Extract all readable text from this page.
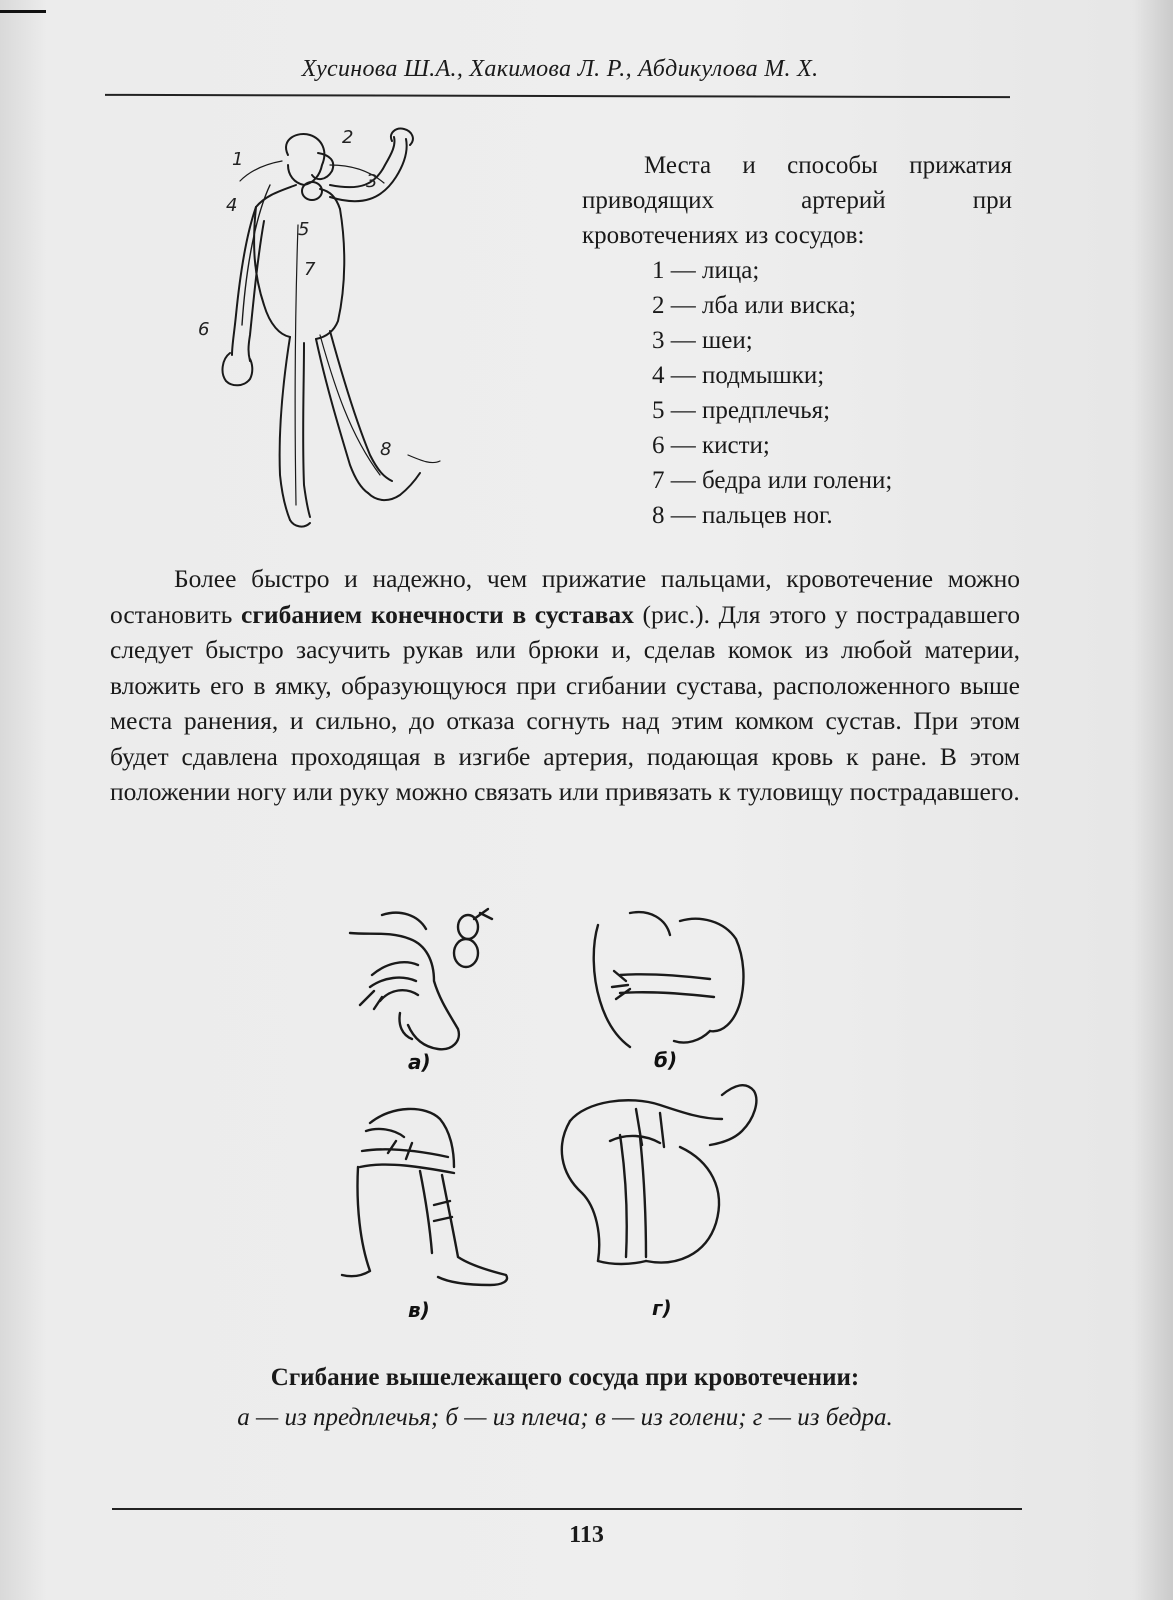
Хусинова Ш.А., Хакимова Л. Р., Абдикулова М. Х.
1
2
3
4
5
6
7
8
Места и способы прижатия
приводящих артерий при
кровотечениях из сосудов:
1 — лица;
2 — лба или виска;
3 — шеи;
4 — подмышки;
5 — предплечья;
6 — кисти;
7 — бедра или голени;
8 — пальцев ног.

Более быстро и надежно, чем прижатие пальцами, кровотечение можно остановить сгибанием конечности в суставах (рис.). Для этого у пострадавшего следует быстро засучить рукав или брюки и, сделав комок из любой материи, вложить его в ямку, образующуюся при сгибании сустава, расположенного выше места ранения, и сильно, до отказа согнуть над этим комком сустав. При этом будет сдавлена проходящая в изгибе артерия, подающая кровь к ране. В этом положении ногу или руку можно связать или привязать к туловищу пострадавшего.

а)	б)
в)	г)
Сгибание вышележащего сосуда при кровотечении:
а — из предплечья; б — из плеча; в — из голени; г — из бедра.
113
